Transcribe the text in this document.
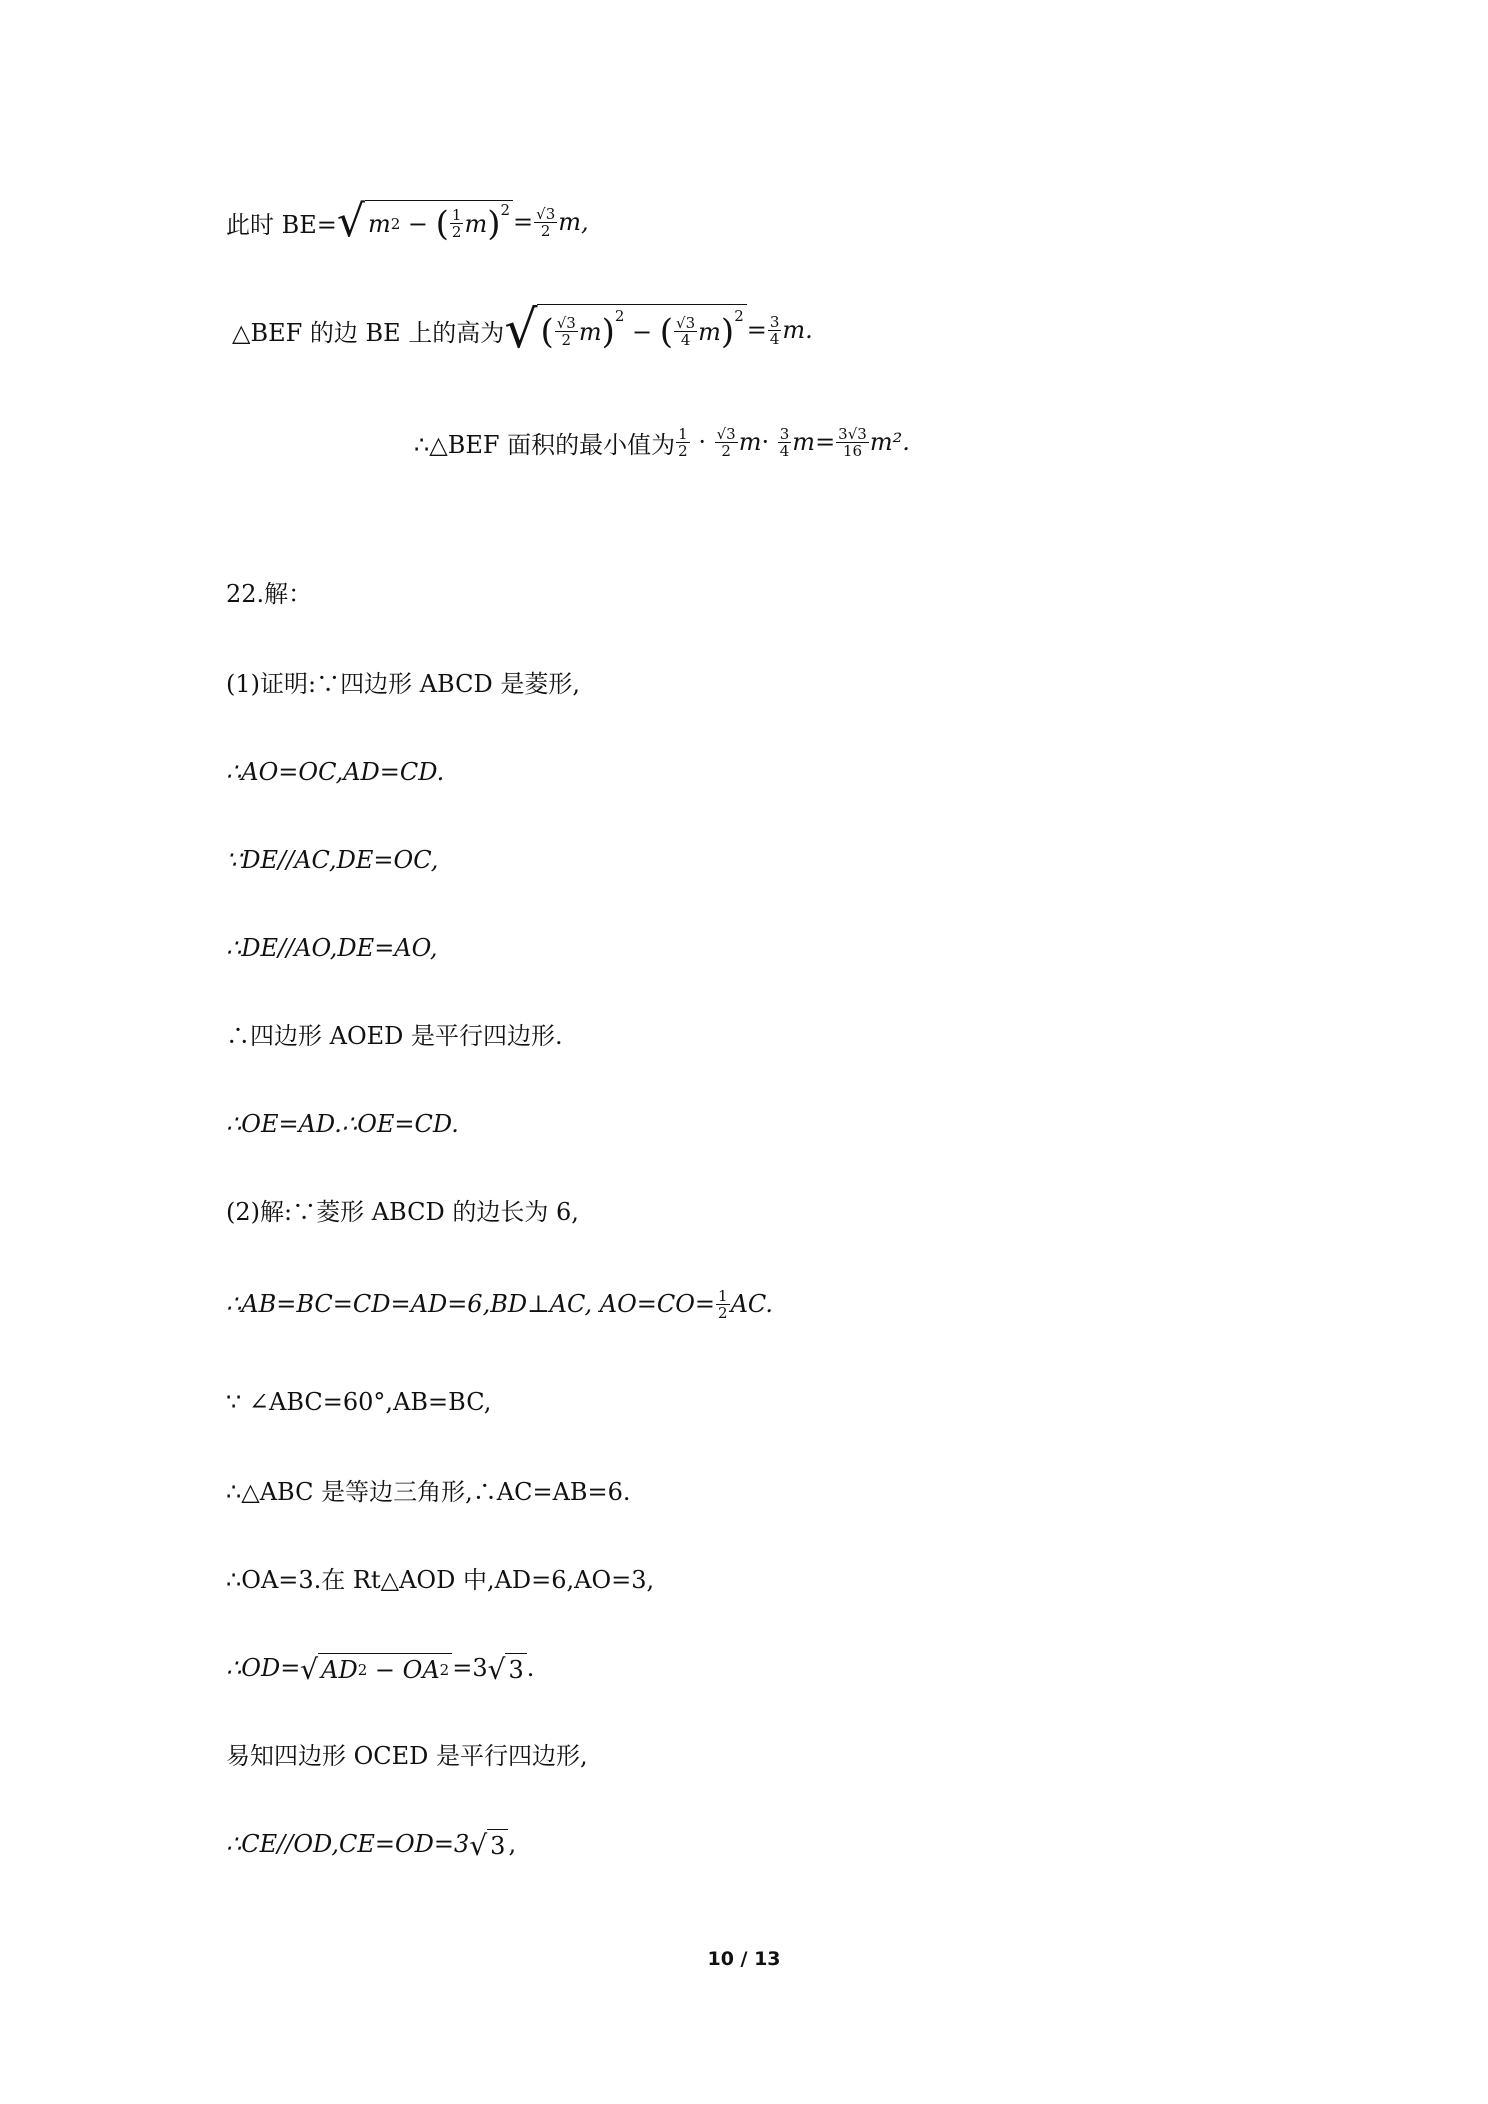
此时 BE= √ m 2 − ( $\frac{1}{2}$ m ) $2 = \frac{√3}{2} m$,
△BEF 的边 BE 上的高为 √ ( $\frac{√3}{2}$ m ) 2
− ( $\frac{√3}{4}$ m ) 2
= $\frac{3}{4} m$.
∴△BEF 面积的最小值为 $\frac{1}{2} \cdot \frac{√3}{2}$ $m \cdot \frac{3}{4}$ $m = \frac{3√3}{16} m^2$.
22.解：
(1)证明:∵四边形 ABCD 是菱形,
∴AO=OC,AD=CD.
∵DE//AC,DE=OC,
∴DE//AO,DE=AO,
∴四边形 AOED 是平行四边形.
∴OE=AD.∴OE=CD.
(2)解:∵菱形 ABCD 的边长为 6,
∴AB=BC=CD=AD=6,BD⊥AC, $AO=CO= \frac{1}{2}$ AC.
∵ ∠ABC=60°,AB=BC,
∴△ABC 是等边三角形,∴AC=AB=6.
∴OA=3.在 Rt△AOD 中,AD=6,AO=3,
∴OD= √ AD 2 − OA 2 =3 √ 3 .
易知四边形 OCED 是平行四边形,
∴CE//OD,CE=OD=3 √ 3 ,
10 / 13
